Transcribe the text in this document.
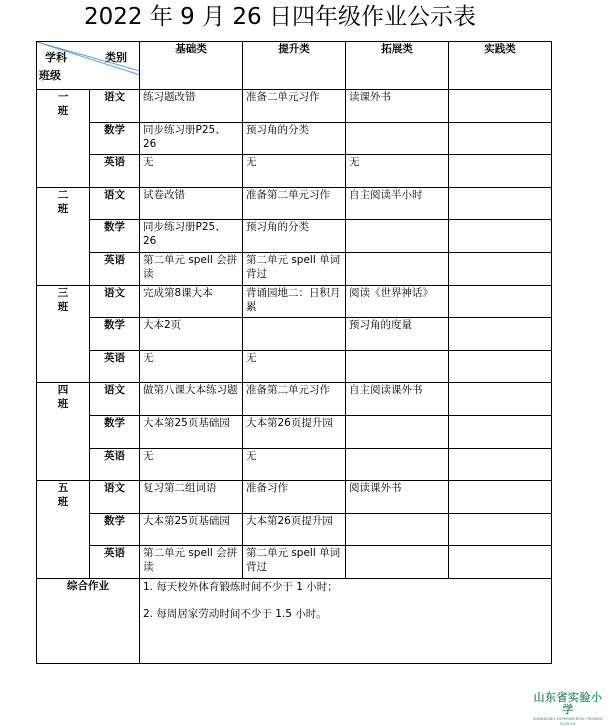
2022 年 9 月 26 日四年级作业公示表
学科 类别
班级		基础类	提升类	拓展类	实践类
一班	语文	练习题改错	准备二单元习作	读课外书	
	数学	同步练习册P25、26	预习角的分类		
	英语	无	无	无	
二班	语文	试卷改错	准备第二单元习作	自主阅读半小时	
	数学	同步练习册P25、26	预习角的分类		
	英语	第二单元 spell 会拼读	第二单元 spell 单词背过		
三班	语文	完成第8课大本	背诵园地二：日积月累	阅读《世界神话》	
	数学	大本2页		预习角的度量	
	英语	无	无		
四班	语文	做第八课大本练习题	准备第二单元习作	自主阅读课外书	
	数学	大本第25页基础园	大本第26页提升园		
	英语	无	无		
五班	语文	复习第二组词语	准备习作	阅读课外书	
	数学	大本第25页基础园	大本第26页提升园		
	英语	第二单元 spell 会拼读	第二单元 spell 单词背过		
综合作业		1. 每天校外体育锻炼时间不少于 1 小时；
2. 每周居家劳动时间不少于 1.5 小时。			
山东省实验小学
SHANDONG EXPERIMENTAL PRIMARY SCHOOL
